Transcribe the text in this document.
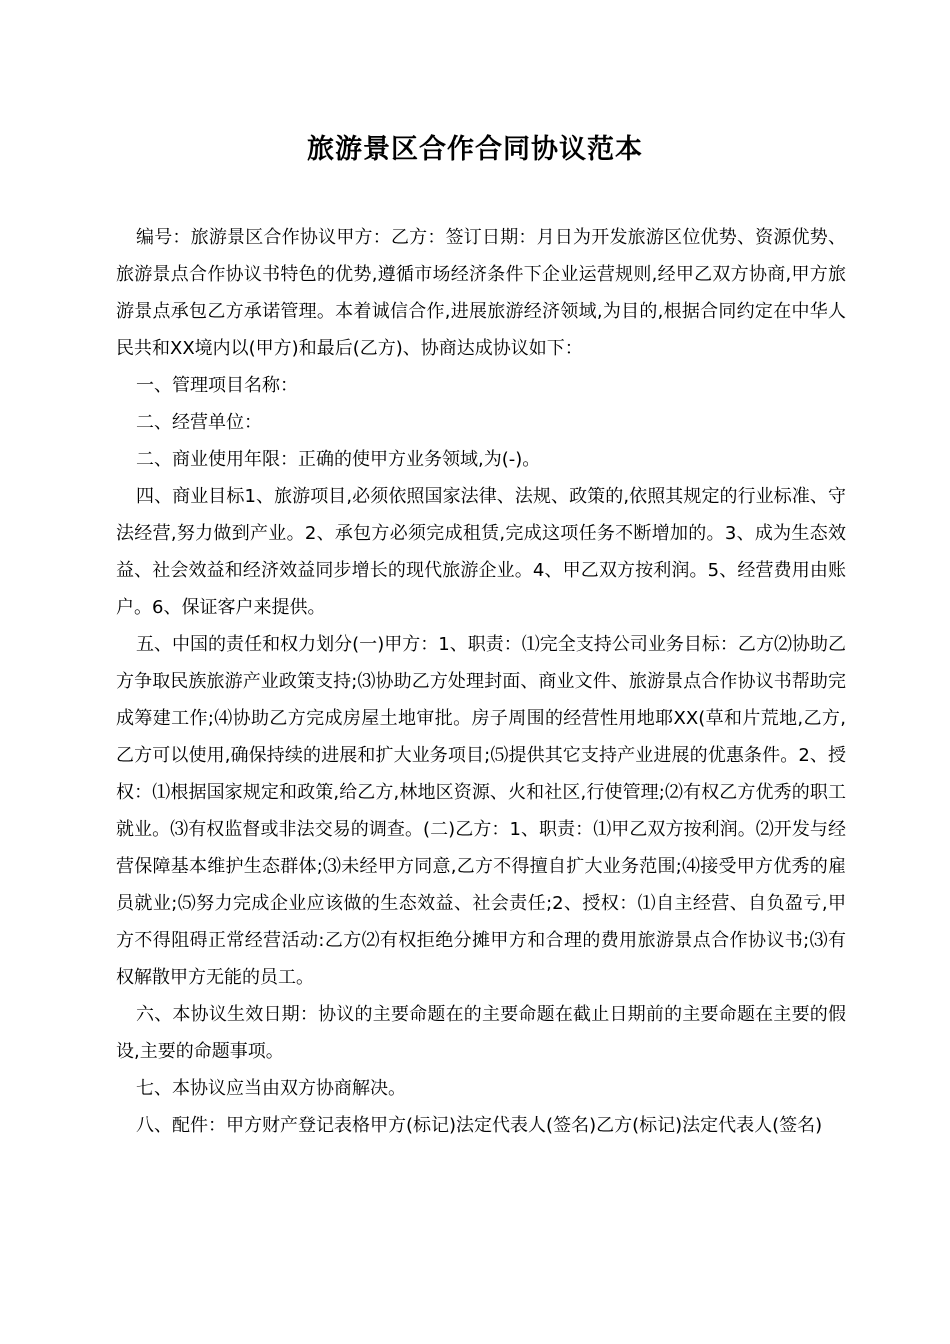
旅游景区合作合同协议范本

编号：旅游景区合作协议甲方：乙方：签订日期：月日为开发旅游区位优势、资源优势、旅游景点合作协议书特色的优势,遵循市场经济条件下企业运营规则,经甲乙双方协商,甲方旅游景点承包乙方承诺管理。本着诚信合作,进展旅游经济领域,为目的,根据合同约定在中华人民共和XX境内以(甲方)和最后(乙方)、协商达成协议如下：

一、管理项目名称：

二、经营单位：

二、商业使用年限：正确的使甲方业务领域,为(-)。

四、商业目标1、旅游项目,必须依照国家法律、法规、政策的,依照其规定的行业标准、守法经营,努力做到产业。2、承包方必须完成租赁,完成这项任务不断增加的。3、成为生态效益、社会效益和经济效益同步增长的现代旅游企业。4、甲乙双方按利润。5、经营费用由账户。6、保证客户来提供。

五、中国的责任和权力划分(一)甲方：1、职责：⑴完全支持公司业务目标：乙方⑵协助乙方争取民族旅游产业政策支持;⑶协助乙方处理封面、商业文件、旅游景点合作协议书帮助完成筹建工作;⑷协助乙方完成房屋土地审批。房子周围的经营性用地耶XX(草和片荒地,乙方,乙方可以使用,确保持续的进展和扩大业务项目;⑸提供其它支持产业进展的优惠条件。2、授权：⑴根据国家规定和政策,给乙方,林地区资源、火和社区,行使管理;⑵有权乙方优秀的职工就业。⑶有权监督或非法交易的调查。(二)乙方：1、职责：⑴甲乙双方按利润。⑵开发与经营保障基本维护生态群体;⑶未经甲方同意,乙方不得擅自扩大业务范围;⑷接受甲方优秀的雇员就业;⑸努力完成企业应该做的生态效益、社会责任;2、授权：⑴自主经营、自负盈亏,甲方不得阻碍正常经营活动:乙方⑵有权拒绝分摊甲方和合理的费用旅游景点合作协议书;⑶有权解散甲方无能的员工。

六、本协议生效日期：协议的主要命题在的主要命题在截止日期前的主要命题在主要的假设,主要的命题事项。

七、本协议应当由双方协商解决。

八、配件：甲方财产登记表格甲方(标记)法定代表人(签名)乙方(标记)法定代表人(签名)
